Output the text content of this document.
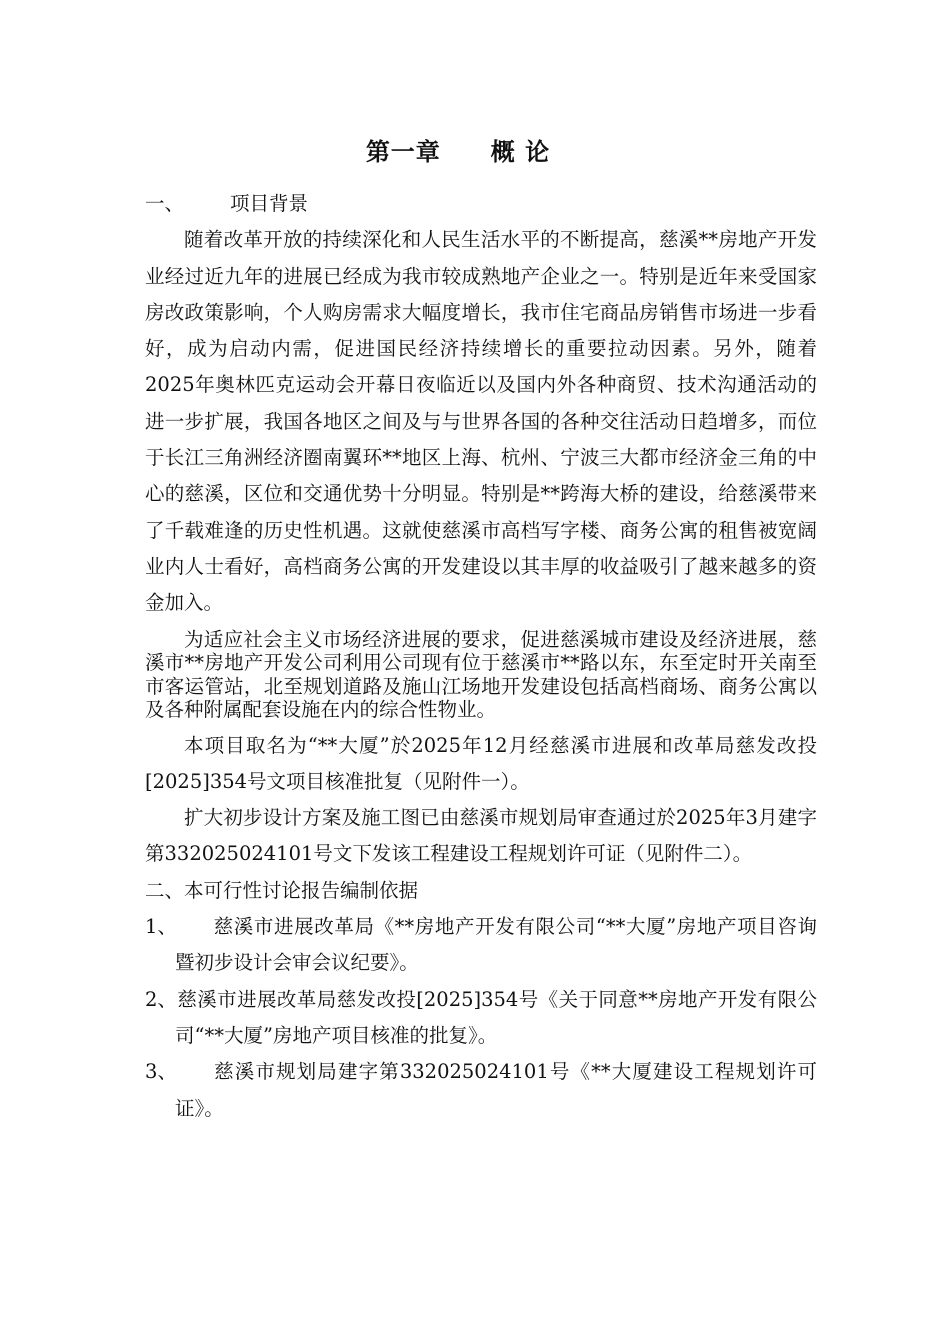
第一章　　概 论
一、 项目背景

随着改革开放的持续深化和人民生活水平的不断提高，慈溪**房地产开发业经过近九年的进展已经成为我市较成熟地产企业之一。特别是近年来受国家房改政策影响，个人购房需求大幅度增长，我市住宅商品房销售市场进一步看好，成为启动内需，促进国民经济持续增长的重要拉动因素。另外，随着2025年奥林匹克运动会开幕日夜临近以及国内外各种商贸、技术沟通活动的进一步扩展，我国各地区之间及与与世界各国的各种交往活动日趋增多，而位于长江三角洲经济圈南翼环**地区上海、杭州、宁波三大都市经济金三角的中心的慈溪，区位和交通优势十分明显。特别是**跨海大桥的建设，给慈溪带来了千载难逢的历史性机遇。这就使慈溪市高档写字楼、商务公寓的租售被宽阔业内人士看好，高档商务公寓的开发建设以其丰厚的收益吸引了越来越多的资金加入。

为适应社会主义市场经济进展的要求，促进慈溪城市建设及经济进展，慈溪市**房地产开发公司利用公司现有位于慈溪市**路以东，东至定时开关南至市客运管站，北至规划道路及施山江场地开发建设包括高档商场、商务公寓以及各种附属配套设施在内的综合性物业。

本项目取名为“**大厦”於2025年12月经慈溪市进展和改革局慈发改投[2025]354号文项目核准批复（见附件一）。

扩大初步设计方案及施工图已由慈溪市规划局审查通过於2025年3月建字第332025024101号文下发该工程建设工程规划许可证（见附件二）。

二、本可行性讨论报告编制依据

1、 慈溪市进展改革局《**房地产开发有限公司“**大厦”房地产项目咨询暨初步设计会审会议纪要》。

2、慈溪市进展改革局慈发改投[2025]354号《关于同意**房地产开发有限公司“**大厦”房地产项目核准的批复》。

3、 慈溪市规划局建字第332025024101号《**大厦建设工程规划许可证》。
